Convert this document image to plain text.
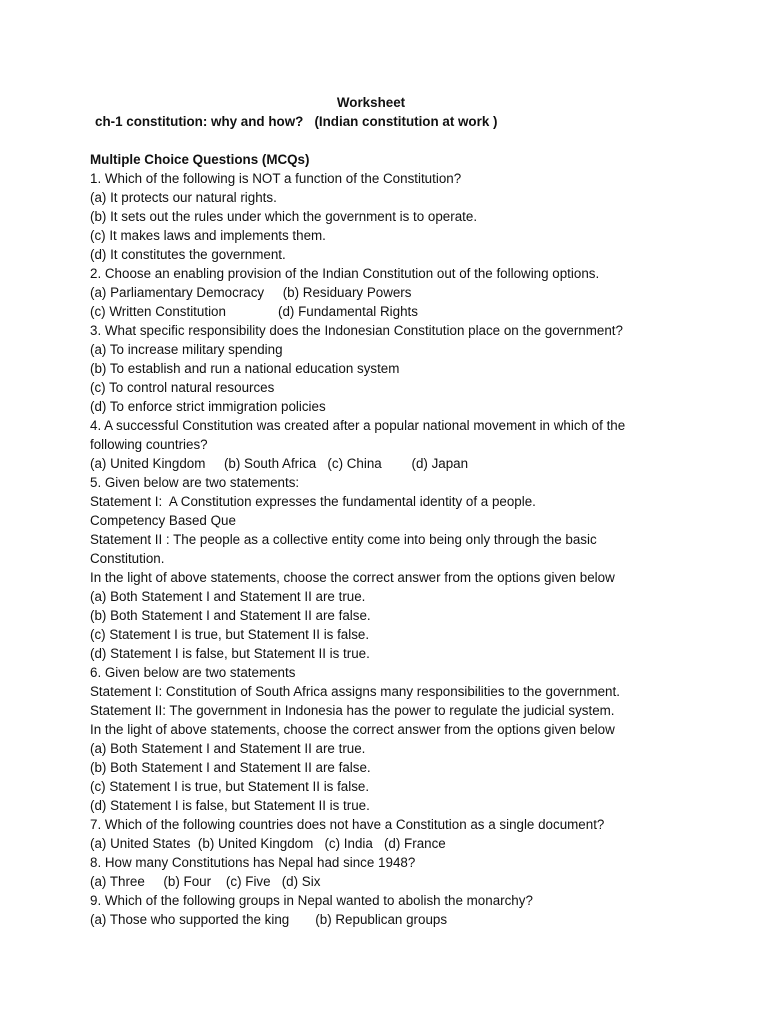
Worksheet
ch-1 constitution: why and how?   (Indian constitution at work )
Multiple Choice Questions (MCQs)
1. Which of the following is NOT a function of the Constitution?
(a) It protects our natural rights.
(b) It sets out the rules under which the government is to operate.
(c) It makes laws and implements them.
(d) It constitutes the government.
2. Choose an enabling provision of the Indian Constitution out of the following options.
(a) Parliamentary Democracy     (b) Residuary Powers
(c) Written Constitution              (d) Fundamental Rights
3. What specific responsibility does the Indonesian Constitution place on the government?
(a) To increase military spending
(b) To establish and run a national education system
(c) To control natural resources
(d) To enforce strict immigration policies
4. A successful Constitution was created after a popular national movement in which of the
following countries?
(a) United Kingdom     (b) South Africa   (c) China        (d) Japan
5. Given below are two statements:
Statement I:  A Constitution expresses the fundamental identity of a people.
Competency Based Que
Statement II : The people as a collective entity come into being only through the basic
Constitution.
In the light of above statements, choose the correct answer from the options given below
(a) Both Statement I and Statement II are true.
(b) Both Statement I and Statement II are false.
(c) Statement I is true, but Statement II is false.
(d) Statement I is false, but Statement II is true.
6. Given below are two statements
Statement I: Constitution of South Africa assigns many responsibilities to the government.
Statement II: The government in Indonesia has the power to regulate the judicial system.
In the light of above statements, choose the correct answer from the options given below
(a) Both Statement I and Statement II are true.
(b) Both Statement I and Statement II are false.
(c) Statement I is true, but Statement II is false.
(d) Statement I is false, but Statement II is true.
7. Which of the following countries does not have a Constitution as a single document?
(a) United States  (b) United Kingdom   (c) India   (d) France
8. How many Constitutions has Nepal had since 1948?
(a) Three     (b) Four    (c) Five   (d) Six
9. Which of the following groups in Nepal wanted to abolish the monarchy?
(a) Those who supported the king       (b) Republican groups
